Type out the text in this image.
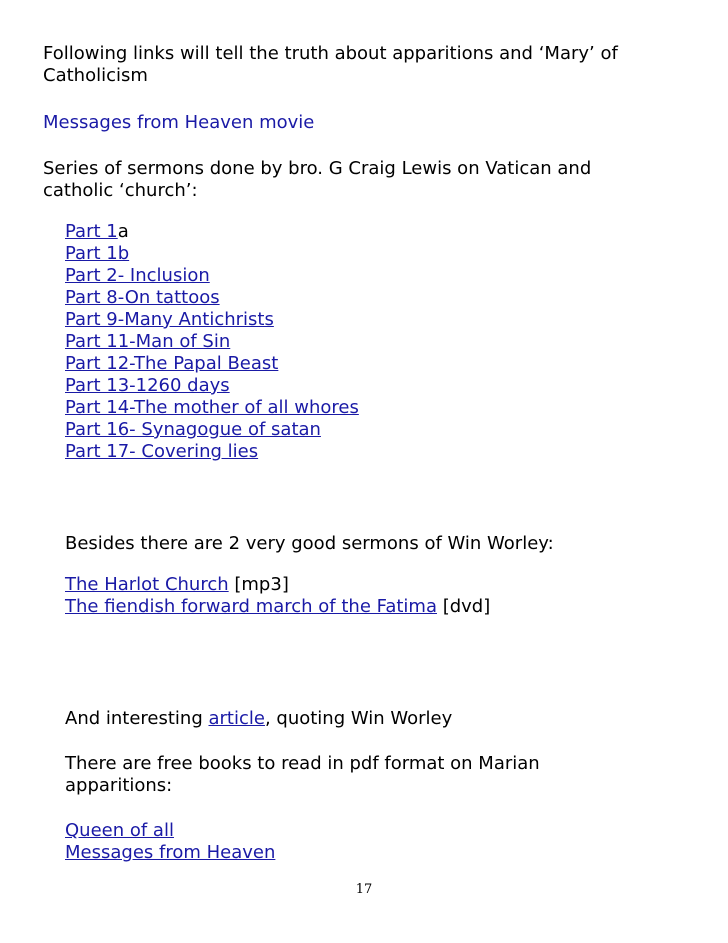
Following links will tell the truth about apparitions and ‘Mary’ of
Catholicism

Messages from Heaven movie

Series of sermons done by bro. G Craig Lewis on Vatican and
catholic ‘church’:

Part 1a
Part 1b
Part 2- Inclusion
Part 8-On tattoos
Part 9-Many Antichrists
Part 11-Man of Sin
Part 12-The Papal Beast
Part 13-1260 days
Part 14-The mother of all whores
Part 16- Synagogue of satan
Part 17- Covering lies

Besides there are 2 very good sermons of Win Worley:

The Harlot Church [mp3]
The fiendish forward march of the Fatima [dvd]

And interesting article, quoting Win Worley

There are free books to read in pdf format on Marian
apparitions:

Queen of all
Messages from Heaven
17
